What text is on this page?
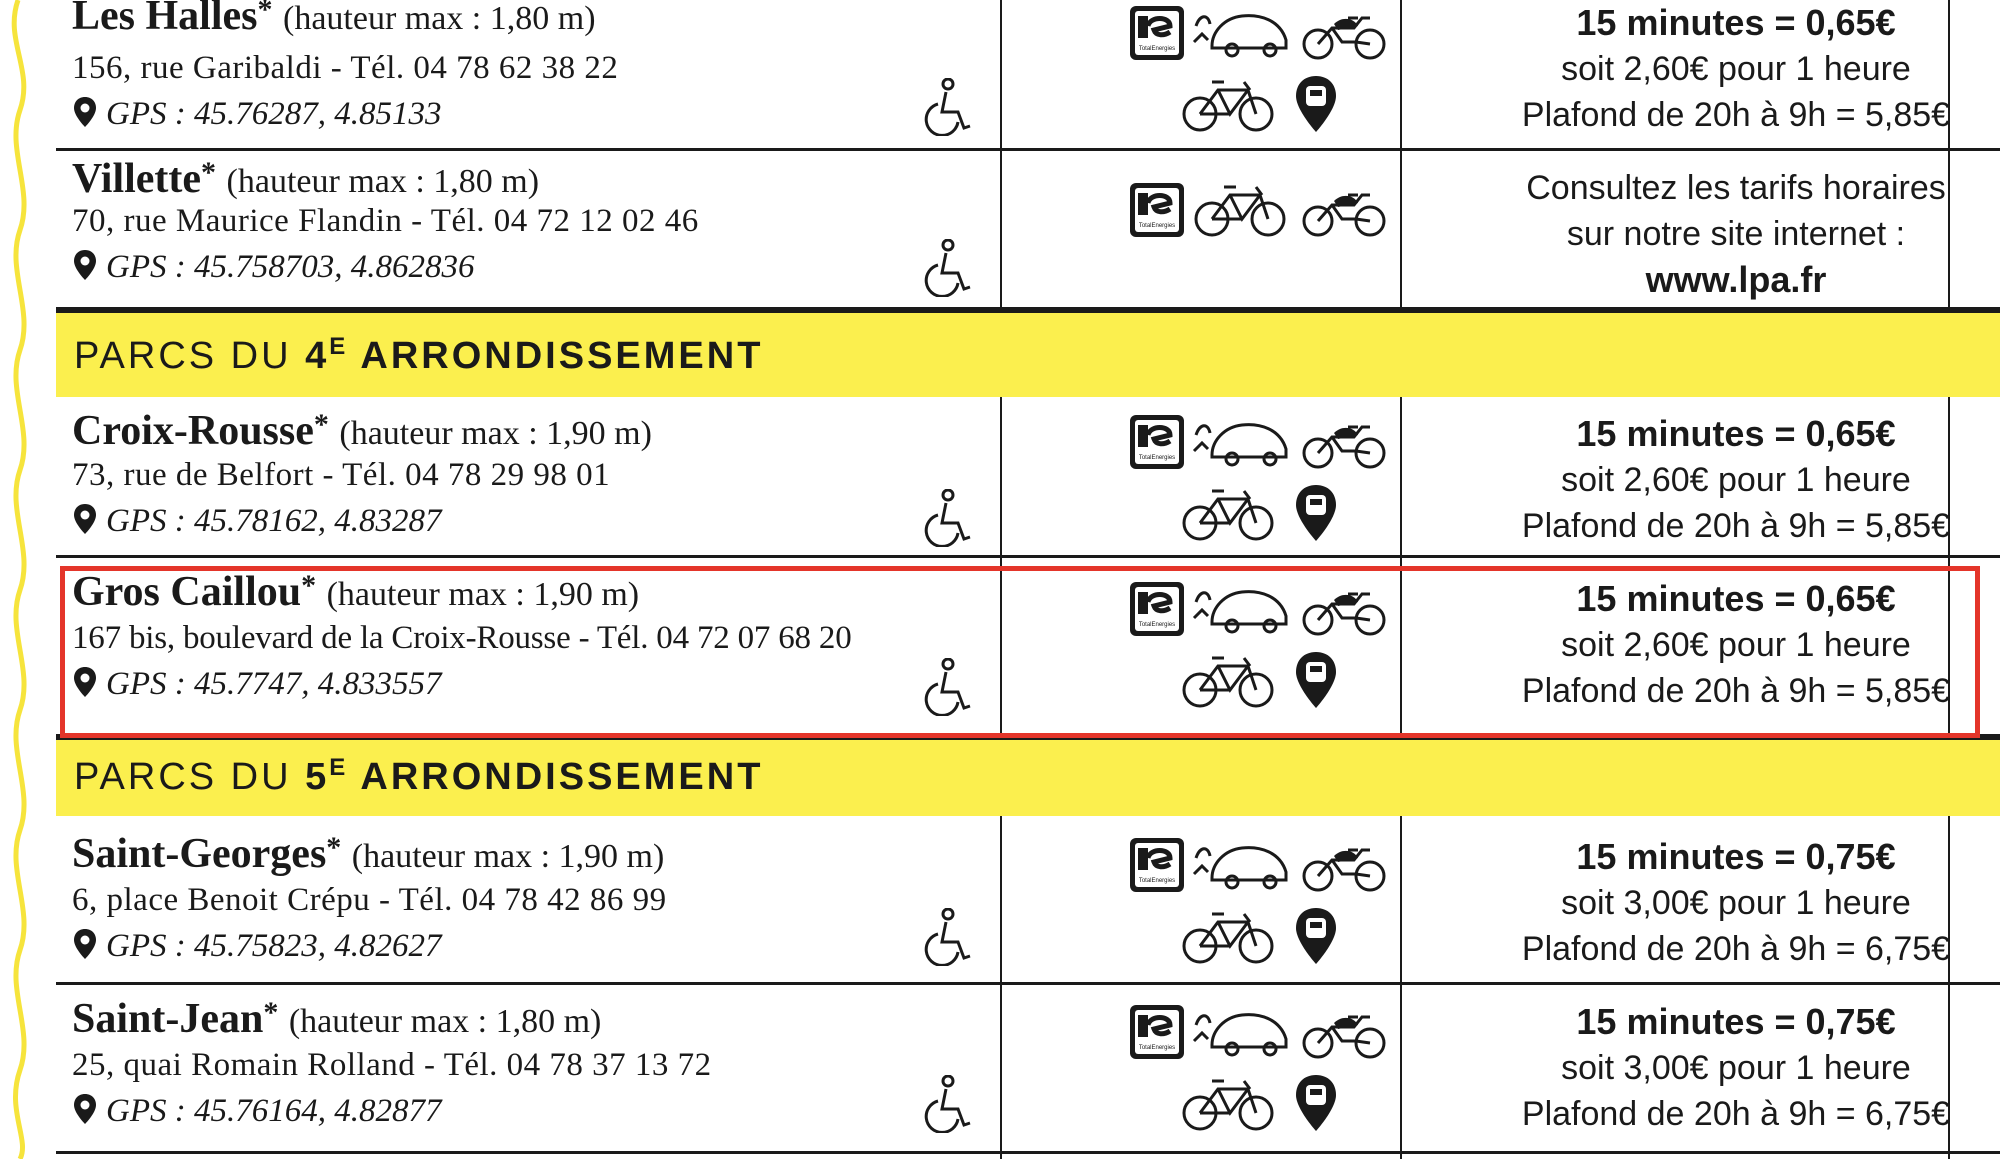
Les Halles* (hauteur max : 1,80 m)
156, rue Garibaldi - Tél. 04 78 62 38 22
GPS : 45.76287, 4.85133
TotalEnergies
15 minutes = 0,65€
soit 2,60€ pour 1 heure
Plafond de 20h à 9h = 5,85€
Villette* (hauteur max : 1,80 m)
70, rue Maurice Flandin - Tél. 04 72 12 02 46
GPS : 45.758703, 4.862836
TotalEnergies
Consultez les tarifs horaires
sur notre site internet :
www.lpa.fr
PARCS DU $4^E$ ARRONDISSEMENT
Croix-Rousse* (hauteur max : 1,90 m)
73, rue de Belfort - Tél. 04 78 29 98 01
GPS : 45.78162, 4.83287
TotalEnergies
15 minutes = 0,65€
soit 2,60€ pour 1 heure
Plafond de 20h à 9h = 5,85€
Gros Caillou* (hauteur max : 1,90 m)
167 bis, boulevard de la Croix-Rousse - Tél. 04 72 07 68 20
GPS : 45.7747, 4.833557
TotalEnergies
15 minutes = 0,65€
soit 2,60€ pour 1 heure
Plafond de 20h à 9h = 5,85€
PARCS DU $5^E$ ARRONDISSEMENT
Saint-Georges* (hauteur max : 1,90 m)
6, place Benoit Crépu - Tél. 04 78 42 86 99
GPS : 45.75823, 4.82627
TotalEnergies
15 minutes = 0,75€
soit 3,00€ pour 1 heure
Plafond de 20h à 9h = 6,75€
Saint-Jean* (hauteur max : 1,80 m)
25, quai Romain Rolland - Tél. 04 78 37 13 72
GPS : 45.76164, 4.82877
TotalEnergies
15 minutes = 0,75€
soit 3,00€ pour 1 heure
Plafond de 20h à 9h = 6,75€
